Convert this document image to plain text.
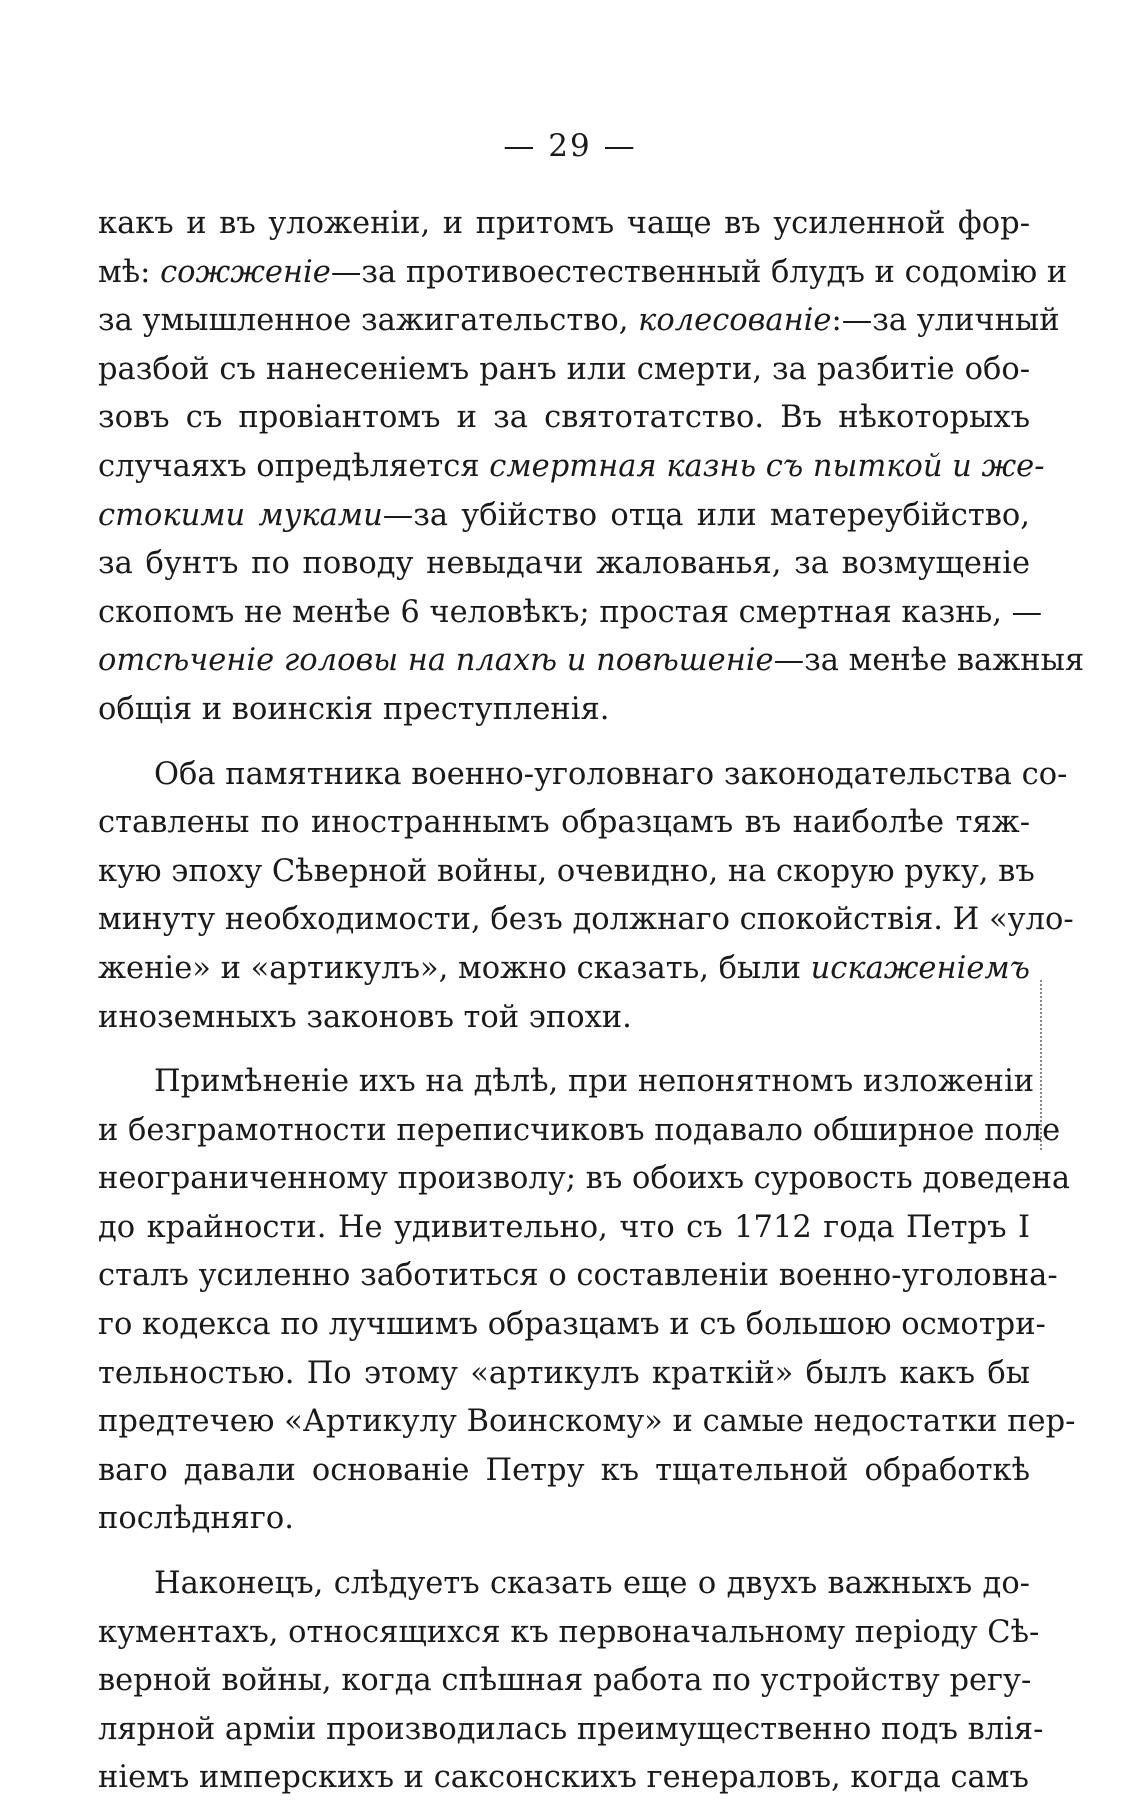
— 29 —
какъ и въ уложеніи, и притомъ чаще въ усиленной фор-
мѣ: сожженіе—за противоестественный блудъ и содомію и
за умышленное зажигательство, колесованіе:—за уличный
разбой съ нанесеніемъ ранъ или смерти, за разбитіе обо-
зовъ съ провіантомъ и за святотатство. Въ нѣкоторыхъ
случаяхъ опредѣляется смертная казнь съ пыткой и же-
стокими муками—за убійство отца или матереубійство,
за бунтъ по поводу невыдачи жалованья, за возмущеніе
скопомъ не менѣе 6 человѣкъ; простая смертная казнь, —
отсѣченіе головы на плахѣ и повѣшеніе—за менѣе важныя
общія и воинскія преступленія.
Оба памятника военно-уголовнаго законодательства со-
ставлены по иностраннымъ образцамъ въ наиболѣе тяж-
кую эпоху Сѣверной войны, очевидно, на скорую руку, въ
минуту необходимости, безъ должнаго спокойствія. И «уло-
женіе» и «артикулъ», можно сказать, были искаженіемъ
иноземныхъ законовъ той эпохи.
Примѣненіе ихъ на дѣлѣ, при непонятномъ изложеніи
и безграмотности переписчиковъ подавало обширное поле
неограниченному произволу; въ обоихъ суровость доведена
до крайности. Не удивительно, что съ 1712 года Петръ I
сталъ усиленно заботиться о составленіи военно-уголовна-
го кодекса по лучшимъ образцамъ и съ большою осмотри-
тельностью. По этому «артикулъ краткій» былъ какъ бы
предтечею «Артикулу Воинскому» и самые недостатки пер-
ваго давали основаніе Петру къ тщательной обработкѣ
послѣдняго.
Наконецъ, слѣдуетъ сказать еще о двухъ важныхъ до-
кументахъ, относящихся къ первоначальному періоду Сѣ-
верной войны, когда спѣшная работа по устройству регу-
лярной арміи производилась преимущественно подъ влія-
ніемъ имперскихъ и саксонскихъ генераловъ, когда самъ
